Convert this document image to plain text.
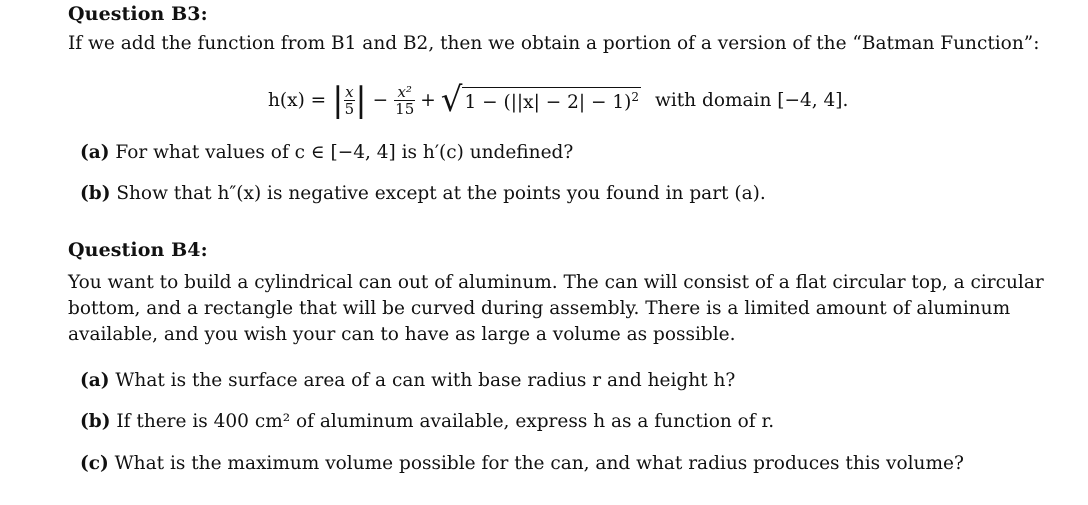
Question B3:
If we add the function from B1 and B2, then we obtain a portion of a version of the “Batman Function”:
h(x) = | $\frac{x}{5}$ | − $\frac{\text{x²}}{15}$ + √ $1 - (||x| - 2| - 1)^2$ with domain [−4, 4].
(a) For what values of c ∈ [−4, 4] is h′(c) undefined?
(b) Show that h″(x) is negative except at the points you found in part (a).
Question B4:
You want to build a cylindrical can out of aluminum. The can will consist of a flat circular top, a circular
bottom, and a rectangle that will be curved during assembly. There is a limited amount of aluminum
available, and you wish your can to have as large a volume as possible.
(a) What is the surface area of a can with base radius r and height h?
(b) If there is 400 cm² of aluminum available, express h as a function of r.
(c) What is the maximum volume possible for the can, and what radius produces this volume?
